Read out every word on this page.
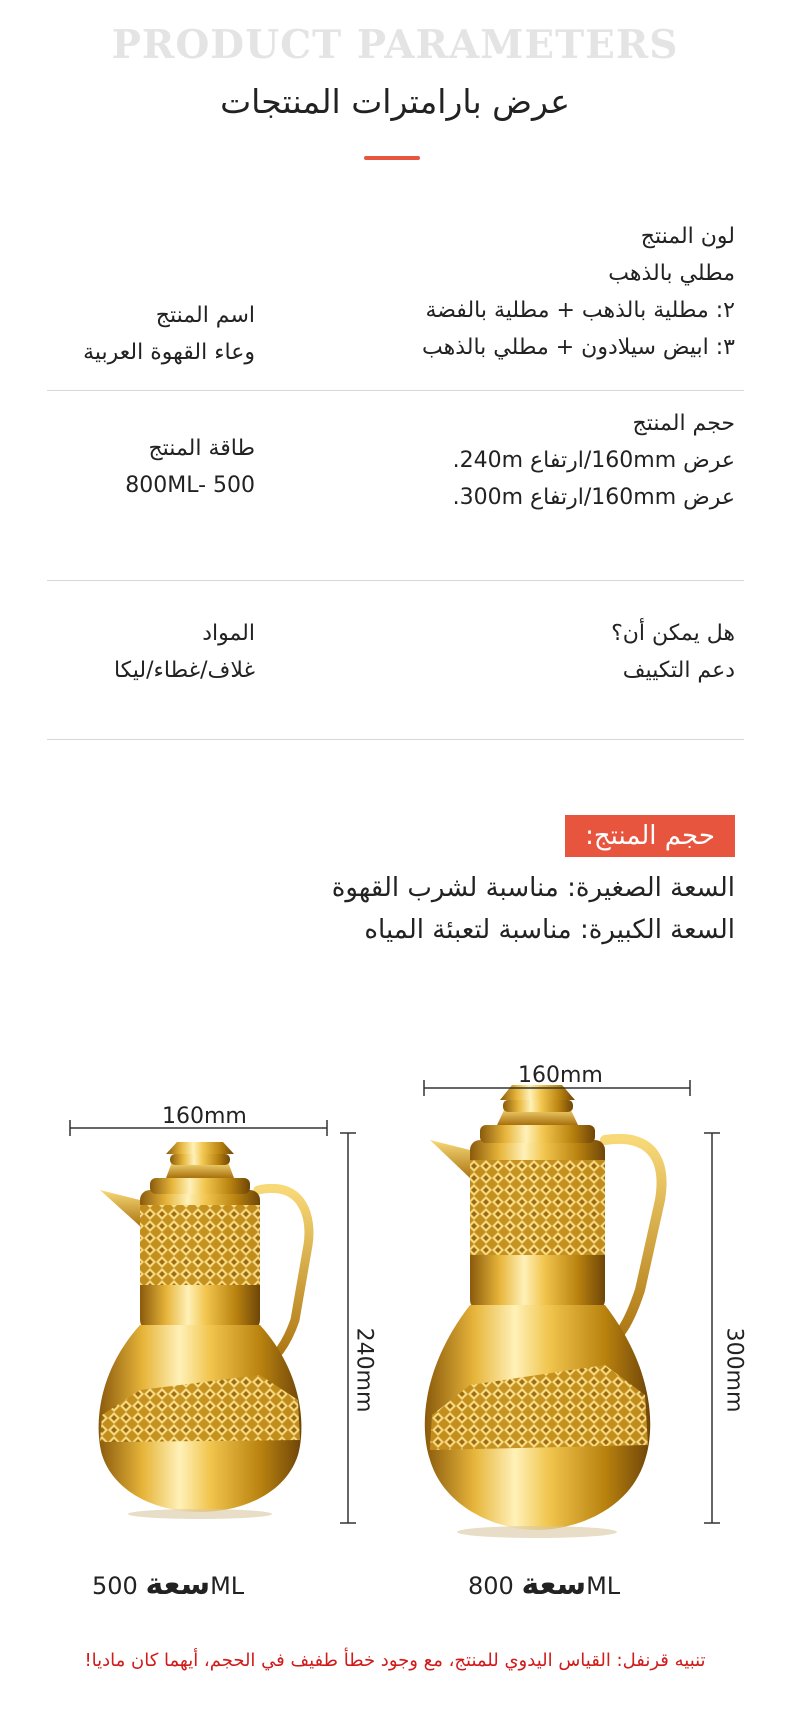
PRODUCT PARAMETERS
عرض بارامترات المنتجات
لون المنتج
مطلي بالذهب
٢: مطلية بالذهب + مطلية بالفضة
٣: ابيض سيلادون + مطلي بالذهب
اسم المنتج
وعاء القهوة العربية
حجم المنتج
عرض 160mm/ارتفاع 240m.
عرض 160mm/ارتفاع 300m.
طاقة المنتج
800ML- 500
هل يمكن أن؟
دعم التكييف
المواد
غلاف/غطاء/ليكا
حجم المنتج:
السعة الصغيرة: مناسبة لشرب القهوة
السعة الكبيرة: مناسبة لتعبئة المياه
160mm
160mm
300mm
240mm
سعة 800ML
سعة 500ML
تنبيه قرنفل: القياس اليدوي للمنتج، مع وجود خطأ طفيف في الحجم، أيهما كان ماديا!
